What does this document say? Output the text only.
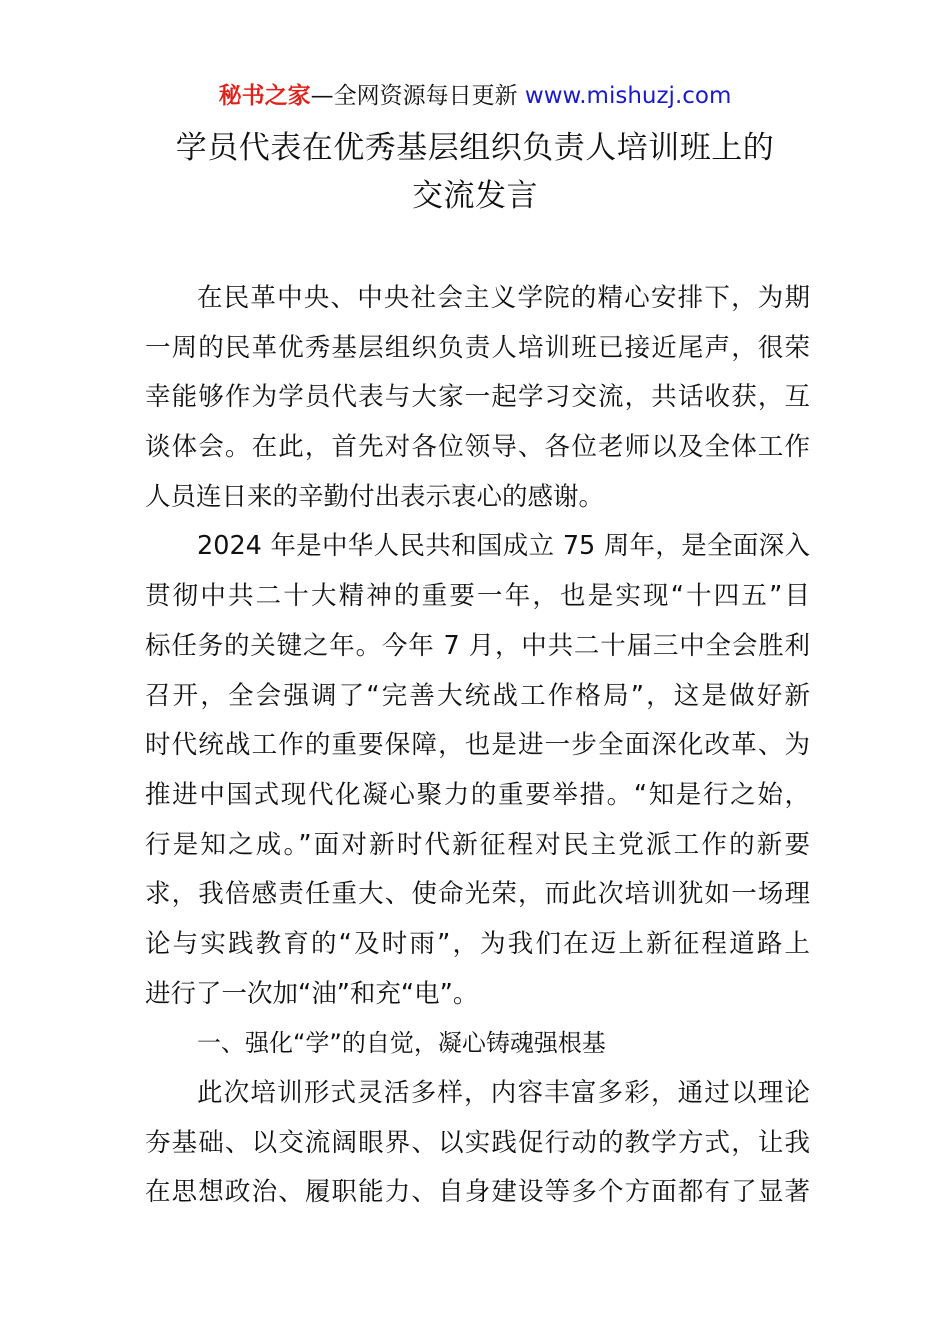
秘书之家—全网资源每日更新 www.mishuzj.com
学员代表在优秀基层组织负责人培训班上的
交流发言
在民革中央、中央社会主义学院的精心安排下，为期
一周的民革优秀基层组织负责人培训班已接近尾声，很荣
幸能够作为学员代表与大家一起学习交流，共话收获，互
谈体会。在此，首先对各位领导、各位老师以及全体工作
人员连日来的辛勤付出表示衷心的感谢。
2024 年是中华人民共和国成立 75 周年，是全面深入
贯彻中共二十大精神的重要一年，也是实现“十四五”目
标任务的关键之年。今年 7 月，中共二十届三中全会胜利
召开，全会强调了“完善大统战工作格局”，这是做好新
时代统战工作的重要保障，也是进一步全面深化改革、为
推进中国式现代化凝心聚力的重要举措。“知是行之始，
行是知之成。”面对新时代新征程对民主党派工作的新要
求，我倍感责任重大、使命光荣，而此次培训犹如一场理
论与实践教育的“及时雨”，为我们在迈上新征程道路上
进行了一次加“油”和充“电”。
一、强化“学”的自觉，凝心铸魂强根基
此次培训形式灵活多样，内容丰富多彩，通过以理论
夯基础、以交流阔眼界、以实践促行动的教学方式，让我
在思想政治、履职能力、自身建设等多个方面都有了显著
